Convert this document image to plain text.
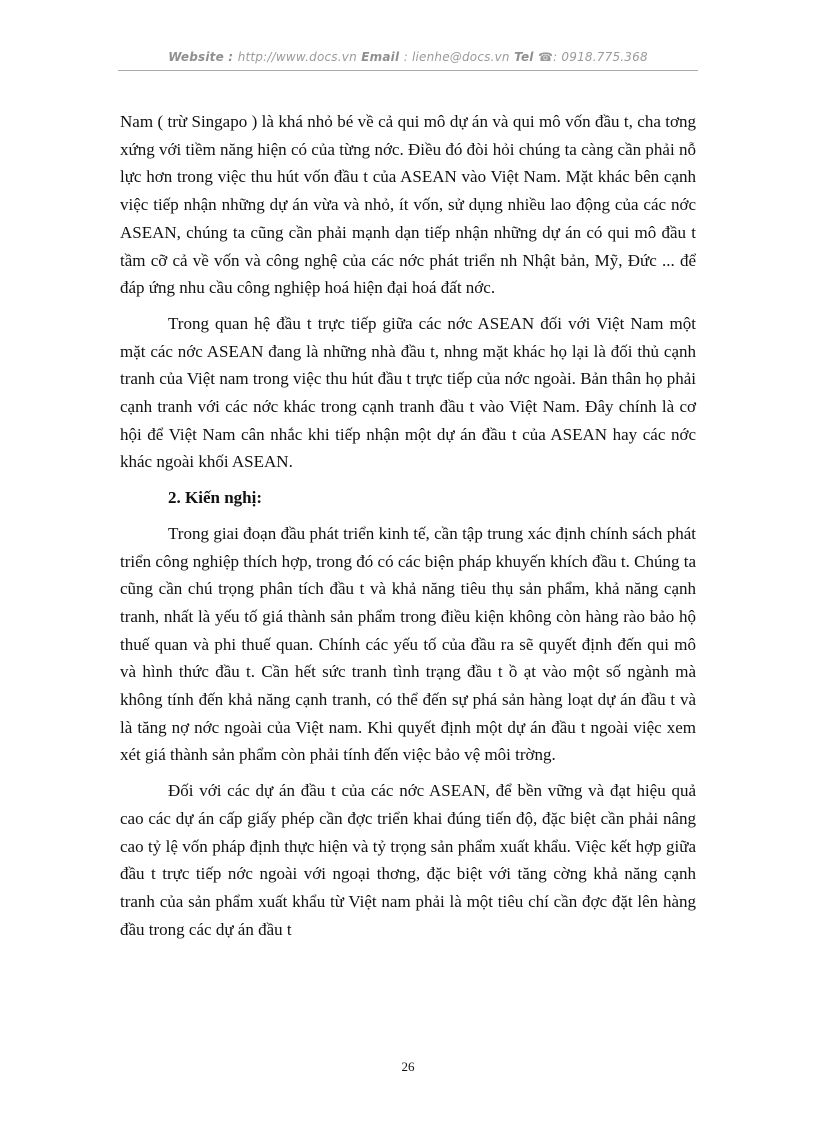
Website : http://www.docs.vn Email : lienhe@docs.vn Tel ☎: 0918.775.368

Nam ( trừ Singapo ) là khá nhỏ bé về cả qui mô dự án và qui mô vốn đầu t, cha tơng xứng với tiềm năng hiện có của từng nớc. Điều đó đòi hỏi chúng ta càng cần phải nỗ lực hơn trong việc thu hút vốn đầu t của ASEAN vào Việt Nam. Mặt khác bên cạnh việc tiếp nhận những dự án vừa và nhỏ, ít vốn, sử dụng nhiều lao động của các nớc ASEAN, chúng ta cũng cần phải mạnh dạn tiếp nhận những dự án có qui mô đầu t tầm cỡ cả về vốn và công nghệ của các nớc phát triển nh Nhật bản, Mỹ, Đức ... để đáp ứng nhu cầu công nghiệp hoá hiện đại hoá đất nớc.

Trong quan hệ đầu t trực tiếp giữa các nớc ASEAN đối với Việt Nam một mặt các nớc ASEAN đang là những nhà đầu t, nhng mặt khác họ lại là đối thủ cạnh tranh của Việt nam trong việc thu hút đầu t trực tiếp của nớc ngoài. Bản thân họ phải cạnh tranh với các nớc khác trong cạnh tranh đầu t vào Việt Nam. Đây chính là cơ hội để Việt Nam cân nhắc khi tiếp nhận một dự án đầu t của ASEAN hay các nớc khác ngoài khối ASEAN.

2. Kiến nghị:

Trong giai đoạn đầu phát triển kinh tế, cần tập trung xác định chính sách phát triển công nghiệp thích hợp, trong đó có các biện pháp khuyến khích đầu t. Chúng ta cũng cần chú trọng phân tích đầu t và khả năng tiêu thụ sản phẩm, khả năng cạnh tranh, nhất là yếu tố giá thành sản phẩm trong điều kiện không còn hàng rào bảo hộ thuế quan và phi thuế quan. Chính các yếu tố của đầu ra sẽ quyết định đến qui mô và hình thức đầu t. Cần hết sức tranh tình trạng đầu t ồ ạt vào một số ngành mà không tính đến khả năng cạnh tranh, có thể đến sự phá sản hàng loạt dự án đầu t và là tăng nợ nớc ngoài của Việt nam. Khi quyết định một dự án đầu t ngoài việc xem xét giá thành sản phẩm còn phải tính đến việc bảo vệ môi trờng.

Đối với các dự án đầu t của các nớc ASEAN, để bền vững và đạt hiệu quả cao các dự án cấp giấy phép cần đợc triển khai đúng tiến độ, đặc biệt cần phải nâng cao tỷ lệ vốn pháp định thực hiện và tỷ trọng sản phẩm xuất khẩu. Việc kết hợp giữa đầu t trực tiếp nớc ngoài với ngoại thơng, đặc biệt với tăng cờng khả năng cạnh tranh của sản phẩm xuất khẩu từ Việt nam phải là một tiêu chí cần đợc đặt lên hàng đầu trong các dự án đầu t

26
